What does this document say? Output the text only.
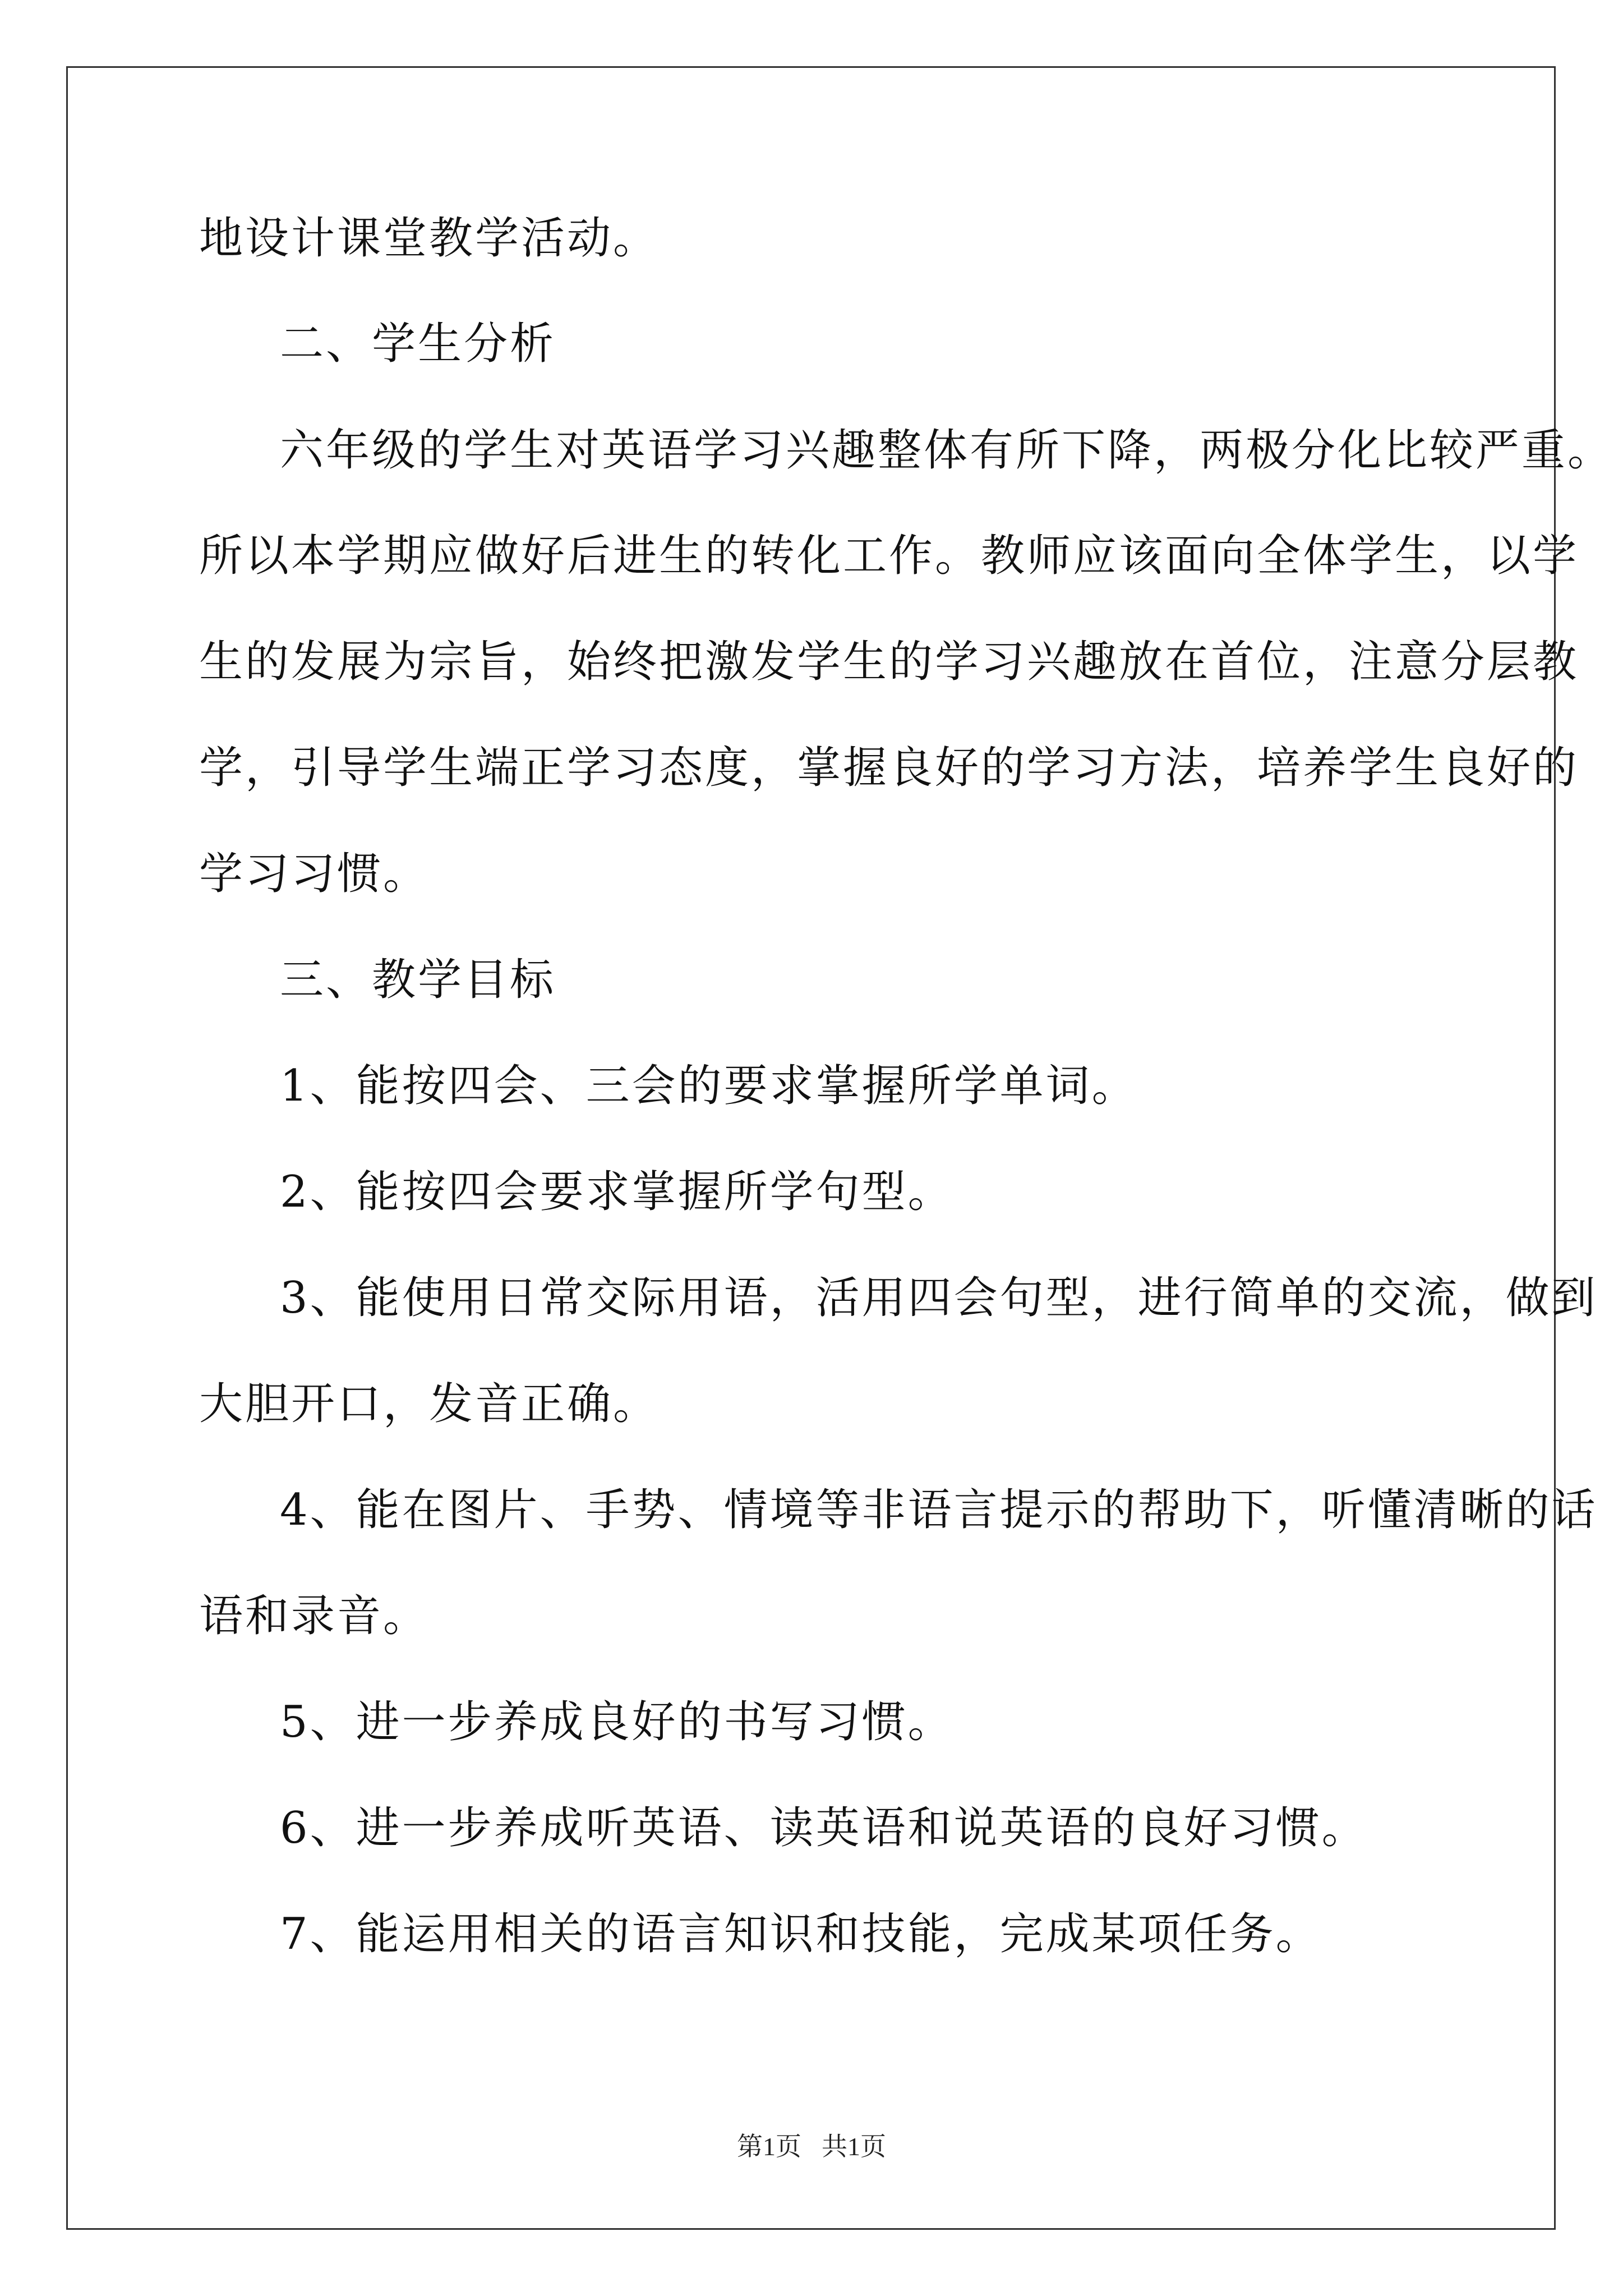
地设计课堂教学活动。
二、学生分析
六年级的学生对英语学习兴趣整体有所下降，两极分化比较严重。
所以本学期应做好后进生的转化工作。教师应该面向全体学生，以学
生的发展为宗旨，始终把激发学生的学习兴趣放在首位，注意分层教
学，引导学生端正学习态度，掌握良好的学习方法，培养学生良好的
学习习惯。
三、教学目标
1、能按四会、三会的要求掌握所学单词。
2、能按四会要求掌握所学句型。
3、能使用日常交际用语，活用四会句型，进行简单的交流，做到
大胆开口，发音正确。
4、能在图片、手势、情境等非语言提示的帮助下，听懂清晰的话
语和录音。
5、进一步养成良好的书写习惯。
6、进一步养成听英语、读英语和说英语的良好习惯。
7、能运用相关的语言知识和技能，完成某项任务。
第1页 共1页
